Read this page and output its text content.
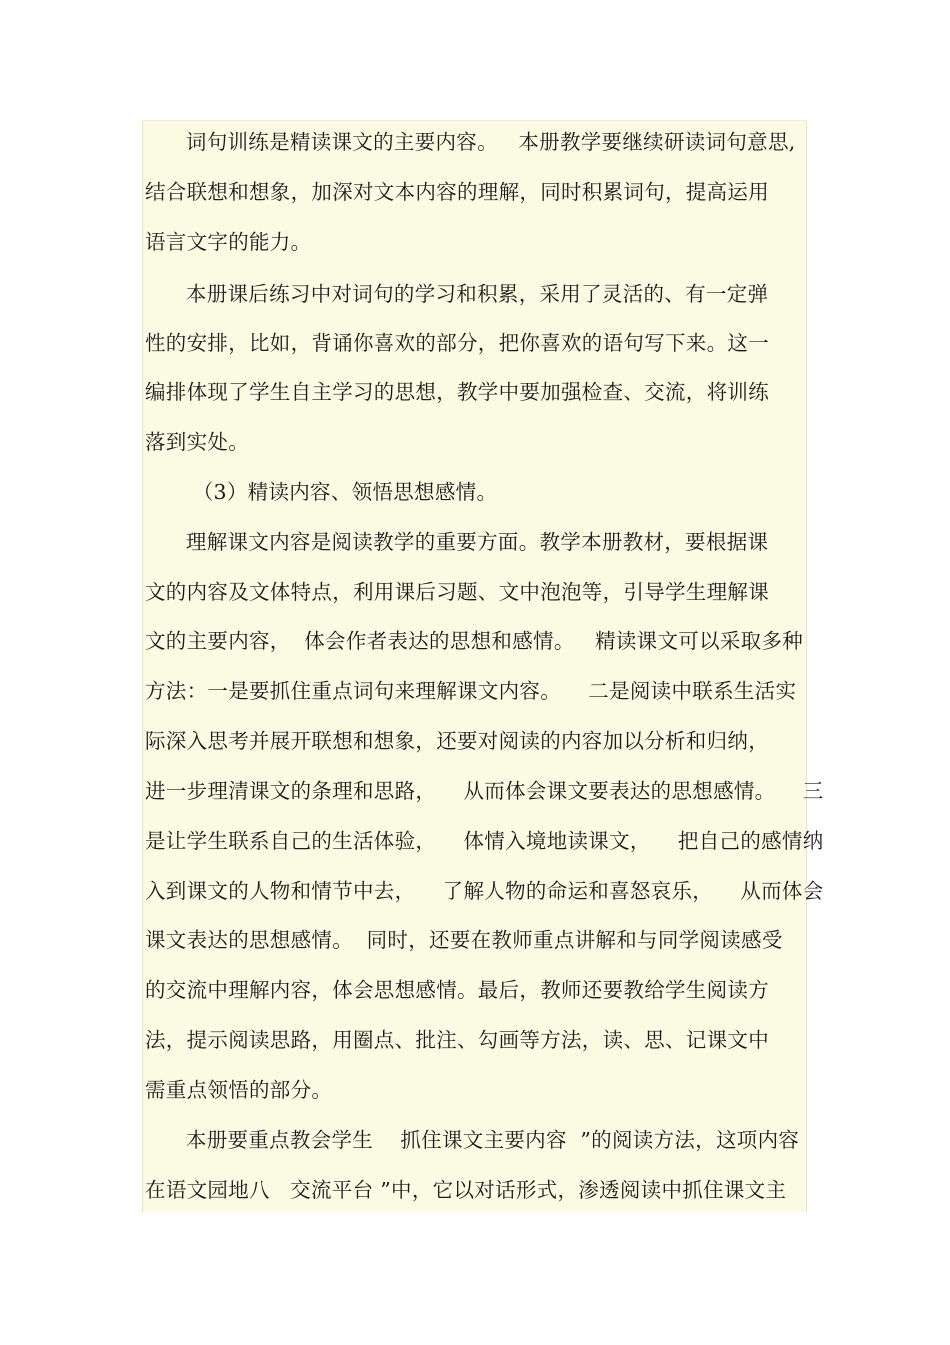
词句训练是精读课文的主要内容。   本册教学要继续研读词句意思,
结合联想和想象，加深对文本内容的理解，同时积累词句，提高运用
语言文字的能力。
本册课后练习中对词句的学习和积累，采用了灵活的、有一定弹
性的安排，比如，背诵你喜欢的部分，把你喜欢的语句写下来。这一
编排体现了学生自主学习的思想，教学中要加强检查、交流，将训练
落到实处。
（3）精读内容、领悟思想感情。
理解课文内容是阅读教学的重要方面。教学本册教材，要根据课
文的内容及文体特点，利用课后习题、文中泡泡等，引导学生理解课
文的主要内容，  体会作者表达的思想和感情。   精读课文可以采取多种
方法：一是要抓住重点词句来理解课文内容。    二是阅读中联系生活实
际深入思考并展开联想和想象，还要对阅读的内容加以分析和归纳，
进一步理清课文的条理和思路，    从而体会课文要表达的思想感情。    三
是让学生联系自己的生活体验，    体情入境地读课文，    把自己的感情纳
入到课文的人物和情节中去，    了解人物的命运和喜怒哀乐，    从而体会
课文表达的思想感情。  同时，还要在教师重点讲解和与同学阅读感受
的交流中理解内容，体会思想感情。最后，教师还要教给学生阅读方
法，提示阅读思路，用圈点、批注、勾画等方法，读、思、记课文中
需重点领悟的部分。
本册要重点教会学生    抓住课文主要内容  ”的阅读方法，这项内容
在语文园地八   交流平台 ”中，它以对话形式，渗透阅读中抓住课文主
